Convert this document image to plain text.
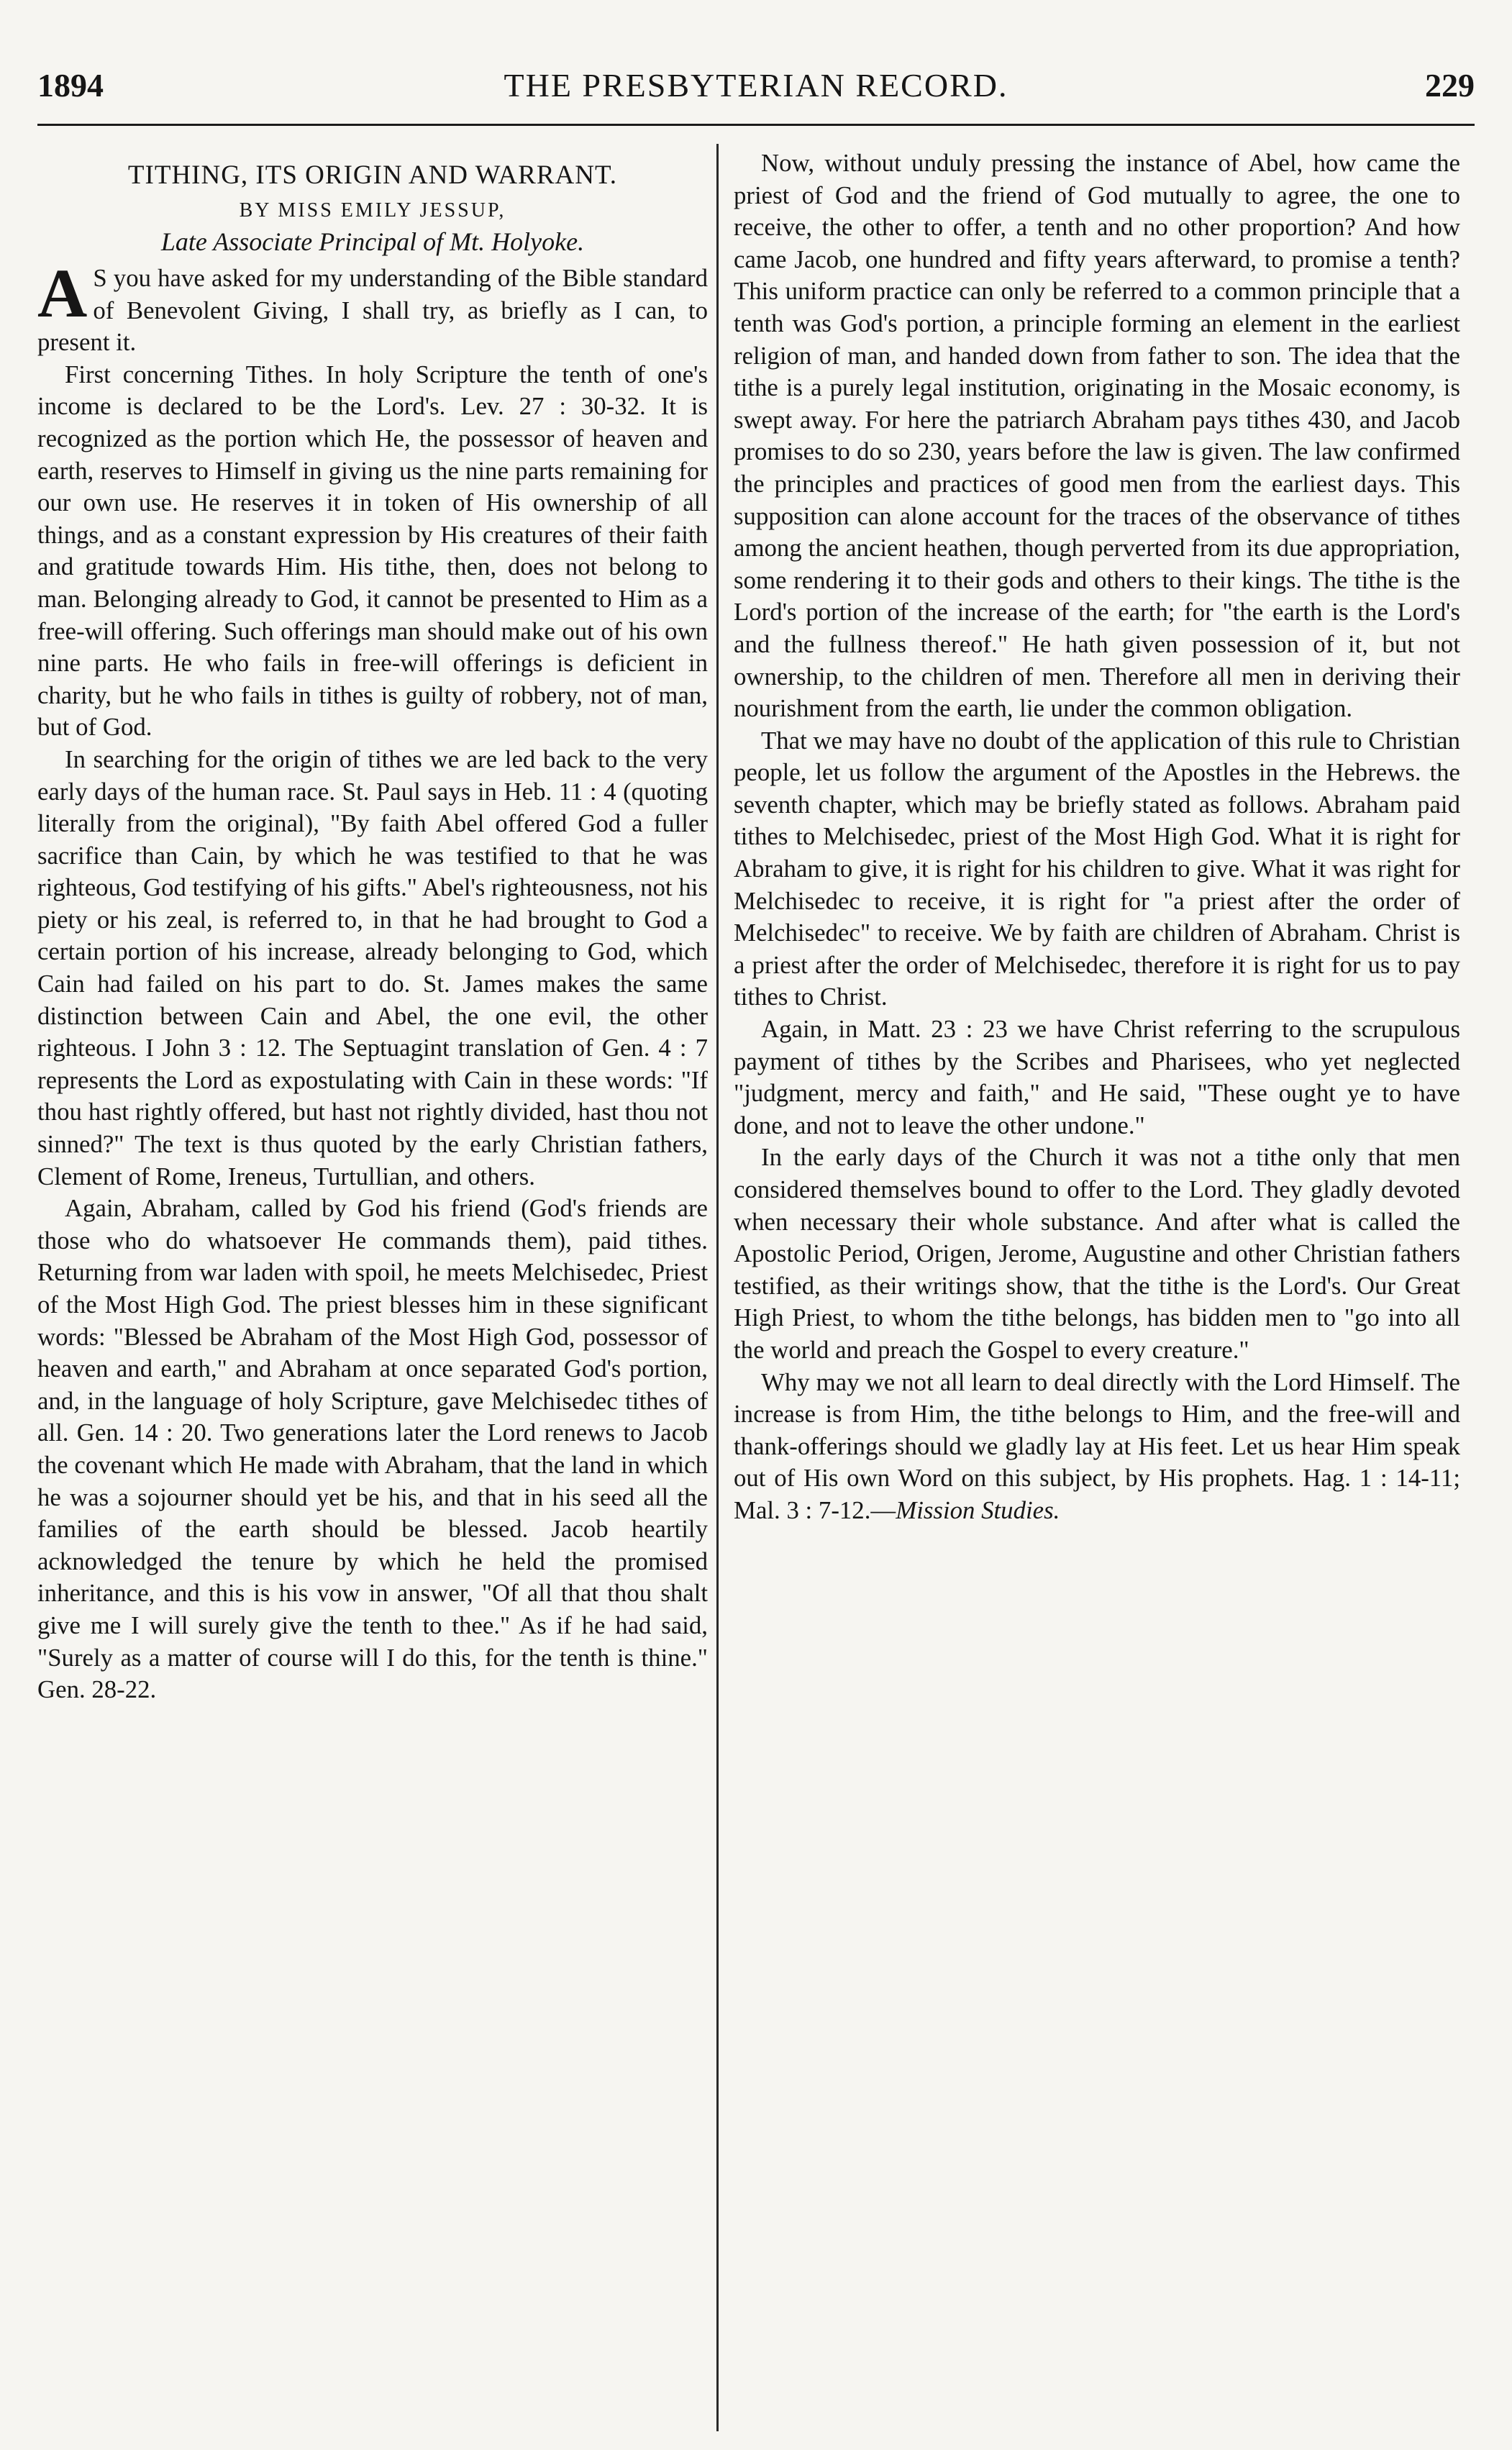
1894	THE PRESBYTERIAN RECORD.	229
TITHING, ITS ORIGIN AND WARRANT.
BY MISS EMILY JESSUP,
Late Associate Principal of Mt. Holyoke.

A S you have asked for my understanding of the Bible standard of Benevolent Giving, I shall try, as briefly as I can, to present it.

First concerning Tithes. In holy Scripture the tenth of one's income is declared to be the Lord's. Lev. 27 : 30-32. It is recognized as the portion which He, the possessor of heaven and earth, reserves to Himself in giving us the nine parts remaining for our own use. He reserves it in token of His ownership of all things, and as a constant expression by His creatures of their faith and gratitude towards Him. His tithe, then, does not belong to man. Belonging already to God, it cannot be presented to Him as a free-will offering. Such offerings man should make out of his own nine parts. He who fails in free-will offerings is deficient in charity, but he who fails in tithes is guilty of robbery, not of man, but of God.

In searching for the origin of tithes we are led back to the very early days of the human race. St. Paul says in Heb. 11 : 4 (quoting literally from the original), "By faith Abel offered God a fuller sacrifice than Cain, by which he was testified to that he was righteous, God testifying of his gifts." Abel's righteousness, not his piety or his zeal, is referred to, in that he had brought to God a certain portion of his increase, already belonging to God, which Cain had failed on his part to do. St. James makes the same distinction between Cain and Abel, the one evil, the other righteous. I John 3 : 12. The Septuagint translation of Gen. 4 : 7 represents the Lord as expostulating with Cain in these words: "If thou hast rightly offered, but hast not rightly divided, hast thou not sinned?" The text is thus quoted by the early Christian fathers, Clement of Rome, Ireneus, Turtullian, and others.

Again, Abraham, called by God his friend (God's friends are those who do whatsoever He commands them), paid tithes. Returning from war laden with spoil, he meets Melchisedec, Priest of the Most High God. The priest blesses him in these significant words: "Blessed be Abraham of the Most High God, possessor of heaven and earth," and Abraham at once separated God's portion, and, in the language of holy Scripture, gave Melchisedec tithes of all. Gen. 14 : 20. Two generations later the Lord renews to Jacob the covenant which He made with Abraham, that the land in which he was a sojourner should yet be his, and that in his seed all the families of the earth should be blessed. Jacob heartily acknowledged the tenure by which he held the promised inheritance, and this is his vow in answer, "Of all that thou shalt give me I will surely give the tenth to thee." As if he had said, "Surely as a matter of course will I do this, for the tenth is thine." Gen. 28-22.

Now, without unduly pressing the instance of Abel, how came the priest of God and the friend of God mutually to agree, the one to receive, the other to offer, a tenth and no other proportion? And how came Jacob, one hundred and fifty years afterward, to promise a tenth? This uniform practice can only be referred to a common principle that a tenth was God's portion, a principle forming an element in the earliest religion of man, and handed down from father to son. The idea that the tithe is a purely legal institution, originating in the Mosaic economy, is swept away. For here the patriarch Abraham pays tithes 430, and Jacob promises to do so 230, years before the law is given. The law confirmed the principles and practices of good men from the earliest days. This supposition can alone account for the traces of the observance of tithes among the ancient heathen, though perverted from its due appropriation, some rendering it to their gods and others to their kings. The tithe is the Lord's portion of the increase of the earth; for "the earth is the Lord's and the fullness thereof." He hath given possession of it, but not ownership, to the children of men. Therefore all men in deriving their nourishment from the earth, lie under the common obligation.

That we may have no doubt of the application of this rule to Christian people, let us follow the argument of the Apostles in the Hebrews. the seventh chapter, which may be briefly stated as follows. Abraham paid tithes to Melchisedec, priest of the Most High God. What it is right for Abraham to give, it is right for his children to give. What it was right for Melchisedec to receive, it is right for "a priest after the order of Melchisedec" to receive. We by faith are children of Abraham. Christ is a priest after the order of Melchisedec, therefore it is right for us to pay tithes to Christ.

Again, in Matt. 23 : 23 we have Christ referring to the scrupulous payment of tithes by the Scribes and Pharisees, who yet neglected "judgment, mercy and faith," and He said, "These ought ye to have done, and not to leave the other undone."

In the early days of the Church it was not a tithe only that men considered themselves bound to offer to the Lord. They gladly devoted when necessary their whole substance. And after what is called the Apostolic Period, Origen, Jerome, Augustine and other Christian fathers testified, as their writings show, that the tithe is the Lord's. Our Great High Priest, to whom the tithe belongs, has bidden men to "go into all the world and preach the Gospel to every creature."

Why may we not all learn to deal directly with the Lord Himself. The increase is from Him, the tithe belongs to Him, and the free-will and thank-offerings should we gladly lay at His feet. Let us hear Him speak out of His own Word on this subject, by His prophets. Hag. 1 : 14-11; Mal. 3 : 7-12.—Mission Studies.
